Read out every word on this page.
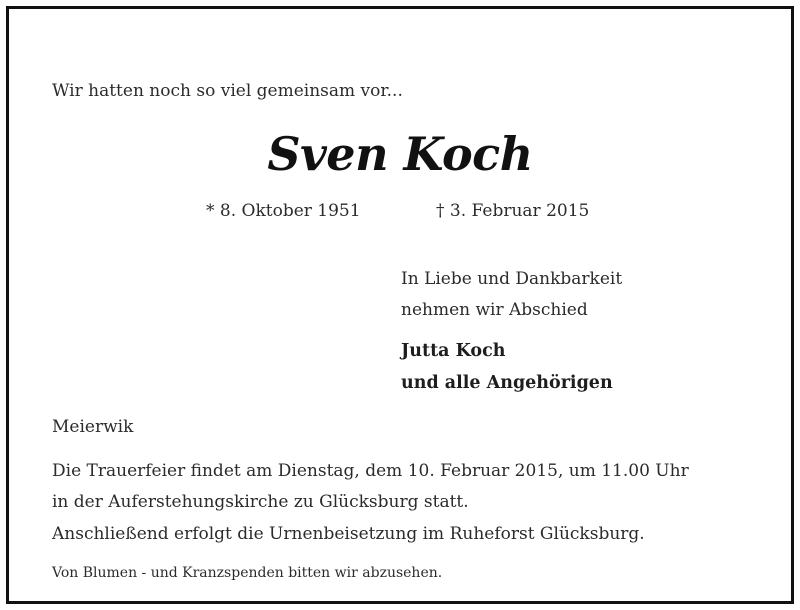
Wir hatten noch so viel gemeinsam vor...

Sven Koch

* 8. Oktober 1951	† 3. Februar 2015

In Liebe und Dankbarkeit

nehmen wir Abschied

Jutta Koch

und alle Angehörigen

Meierwik

Die Trauerfeier findet am Dienstag, dem 10. Februar 2015, um 11.00 Uhr

in der Auferstehungskirche zu Glücksburg statt.

Anschließend erfolgt die Urnenbeisetzung im Ruheforst Glücksburg.

Von Blumen - und Kranzspenden bitten wir abzusehen.
